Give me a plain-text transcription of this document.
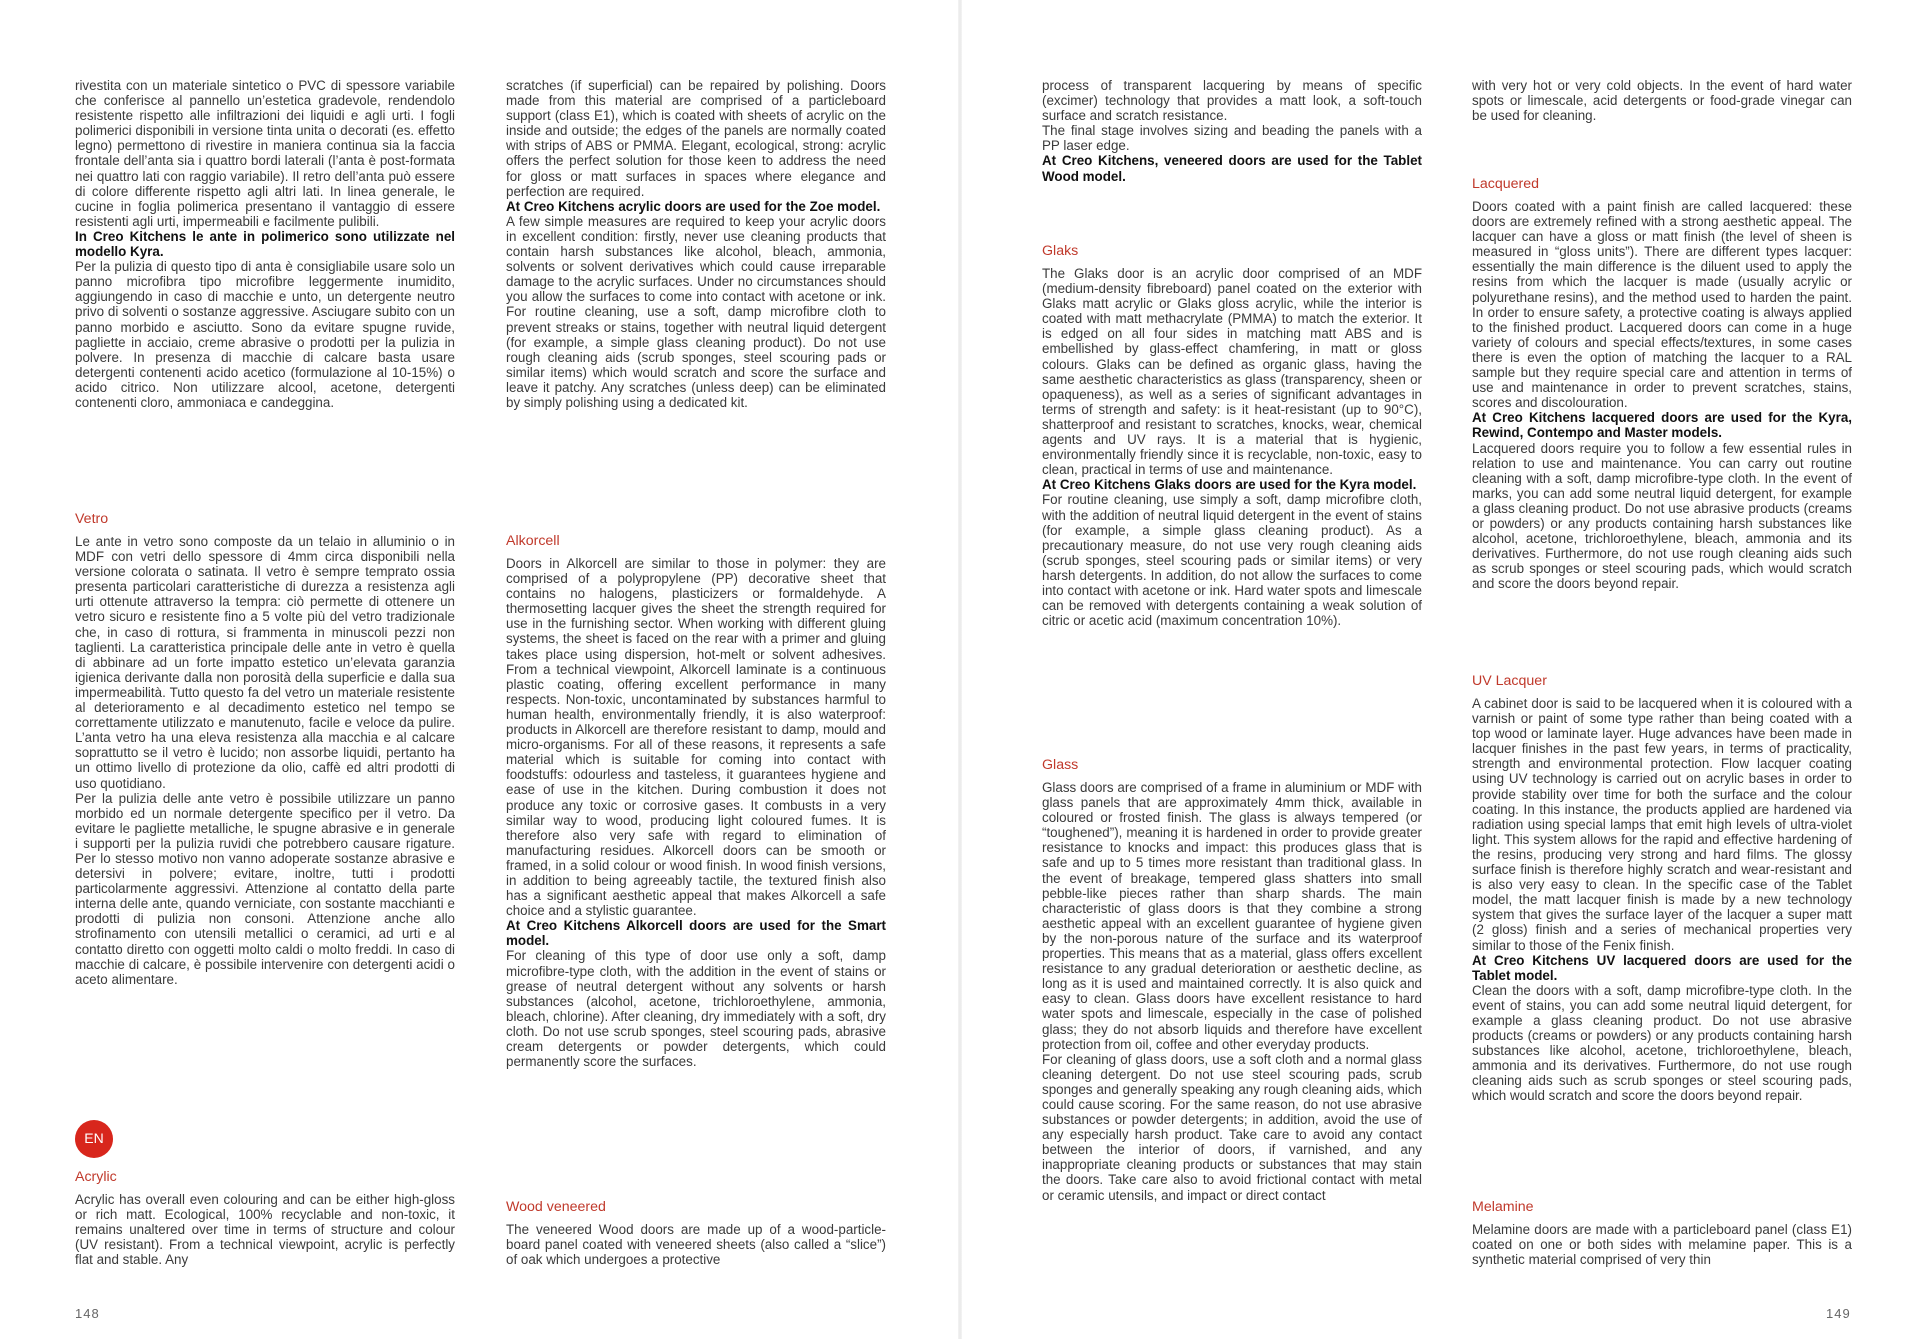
rivestita con un materiale sintetico o PVC di spessore variabile che conferisce al pannello un’estetica gradevole, rendendolo resistente rispetto alle infiltrazioni dei liquidi e agli urti. I fogli polimerici disponibili in versione tinta unita o decorati (es. effetto legno) permettono di rivestire in maniera continua sia la faccia frontale dell’anta sia i quattro bordi laterali (l’anta è post-formata nei quattro lati con raggio variabile). Il retro dell’anta può essere di colore differente rispetto agli altri lati. In linea generale, le cucine in foglia polimerica presentano il vantaggio di essere resistenti agli urti, impermeabili e facilmente pulibili.

In Creo Kitchens le ante in polimerico sono utilizzate nel modello Kyra.

Per la pulizia di questo tipo di anta è consigliabile usare solo un panno microfibra tipo microfibre leggermente inumidito, aggiungendo in caso di macchie e unto, un detergente neutro privo di solventi o sostanze aggressive. Asciugare subito con un panno morbido e asciutto. Sono da evitare spugne ruvide, pagliette in acciaio, creme abrasive o prodotti per la pulizia in polvere. In presenza di macchie di calcare basta usare detergenti contenenti acido acetico (formulazione al 10-15%) o acido citrico. Non utilizzare alcool, acetone, detergenti contenenti cloro, ammoniaca e candeggina.

Vetro

Le ante in vetro sono composte da un telaio in alluminio o in MDF con vetri dello spessore di 4mm circa disponibili nella versione colorata o satinata. Il vetro è sempre temprato ossia presenta particolari caratteristiche di durezza a resistenza agli urti ottenute attraverso la tempra: ciò permette di ottenere un vetro sicuro e resistente fino a 5 volte più del vetro tradizionale che, in caso di rottura, si frammenta in minuscoli pezzi non taglienti. La caratteristica principale delle ante in vetro è quella di abbinare ad un forte impatto estetico un’elevata garanzia igienica derivante dalla non porosità della superficie e dalla sua impermeabilità. Tutto questo fa del vetro un materiale resistente al deterioramento e al decadimento estetico nel tempo se correttamente utilizzato e manutenuto, facile e veloce da pulire. L’anta vetro ha una eleva resistenza alla macchia e al calcare soprattutto se il vetro è lucido; non assorbe liquidi, pertanto ha un ottimo livello di protezione da olio, caffè ed altri prodotti di uso quotidiano.

Per la pulizia delle ante vetro è possibile utilizzare un panno morbido ed un normale detergente specifico per il vetro. Da evitare le pagliette metalliche, le spugne abrasive e in generale i supporti per la pulizia ruvidi che potrebbero causare rigature. Per lo stesso motivo non vanno adoperate sostanze abrasive e detersivi in polvere; evitare, inoltre, tutti i prodotti particolarmente aggressivi. Attenzione al contatto della parte interna delle ante, quando verniciate, con sostante macchianti e prodotti di pulizia non consoni. Attenzione anche allo strofinamento con utensili metallici o ceramici, ad urti e al contatto diretto con oggetti molto caldi o molto freddi. In caso di macchie di calcare, è possibile intervenire con detergenti acidi o aceto alimentare.

EN
Acrylic

Acrylic has overall even colouring and can be either high-gloss or rich matt. Ecological, 100% recyclable and non-toxic, it remains unaltered over time in terms of structure and colour (UV resistant). From a technical viewpoint, acrylic is perfectly flat and stable. Any

scratches (if superficial) can be repaired by polishing. Doors made from this material are comprised of a particleboard support (class E1), which is coated with sheets of acrylic on the inside and outside; the edges of the panels are normally coated with strips of ABS or PMMA. Elegant, ecological, strong: acrylic offers the perfect solution for those keen to address the need for gloss or matt surfaces in spaces where elegance and perfection are required.

At Creo Kitchens acrylic doors are used for the Zoe model.

A few simple measures are required to keep your acrylic doors in excellent condition: firstly, never use cleaning products that contain harsh substances like alcohol, bleach, ammonia, solvents or solvent derivatives which could cause irreparable damage to the acrylic surfaces. Under no circumstances should you allow the surfaces to come into contact with acetone or ink. For routine cleaning, use a soft, damp microfibre cloth to prevent streaks or stains, together with neutral liquid detergent (for example, a simple glass cleaning product). Do not use rough cleaning aids (scrub sponges, steel scouring pads or similar items) which would scratch and score the surface and leave it patchy. Any scratches (unless deep) can be eliminated by simply polishing using a dedicated kit.

Alkorcell

Doors in Alkorcell are similar to those in polymer: they are comprised of a polypropylene (PP) decorative sheet that contains no halogens, plasticizers or formaldehyde. A thermosetting lacquer gives the sheet the strength required for use in the furnishing sector. When working with different gluing systems, the sheet is faced on the rear with a primer and gluing takes place using dispersion, hot-melt or solvent adhesives. From a technical viewpoint, Alkorcell laminate is a continuous plastic coating, offering excellent performance in many respects. Non-toxic, uncontaminated by substances harmful to human health, environmentally friendly, it is also waterproof: products in Alkorcell are therefore resistant to damp, mould and micro-organisms. For all of these reasons, it represents a safe material which is suitable for coming into contact with foodstuffs: odourless and tasteless, it guarantees hygiene and ease of use in the kitchen. During combustion it does not produce any toxic or corrosive gases. It combusts in a very similar way to wood, producing light coloured fumes. It is therefore also very safe with regard to elimination of manufacturing residues. Alkorcell doors can be smooth or framed, in a solid colour or wood finish. In wood finish versions, in addition to being agreeably tactile, the textured finish also has a significant aesthetic appeal that makes Alkorcell a safe choice and a stylistic guarantee.

At Creo Kitchens Alkorcell doors are used for the Smart model.

For cleaning of this type of door use only a soft, damp microfibre-type cloth, with the addition in the event of stains or grease of neutral detergent without any solvents or harsh substances (alcohol, acetone, trichloroethylene, ammonia, bleach, chlorine). After cleaning, dry immediately with a soft, dry cloth. Do not use scrub sponges, steel scouring pads, abrasive cream detergents or powder detergents, which could permanently score the surfaces.

Wood veneered

The veneered Wood doors are made up of a wood-particle-board panel coated with veneered sheets (also called a “slice”) of oak which undergoes a protective

148

process of transparent lacquering by means of specific (excimer) technology that provides a matt look, a soft-touch surface and scratch resistance.

The final stage involves sizing and beading the panels with a PP laser edge.

At Creo Kitchens, veneered doors are used for the Tablet Wood model.

Glaks

The Glaks door is an acrylic door comprised of an MDF (medium-density fibreboard) panel coated on the exterior with Glaks matt acrylic or Glaks gloss acrylic, while the interior is coated with matt methacrylate (PMMA) to match the exterior. It is edged on all four sides in matching matt ABS and is embellished by glass-effect chamfering, in matt or gloss colours. Glaks can be defined as organic glass, having the same aesthetic characteristics as glass (transparency, sheen or opaqueness), as well as a series of significant advantages in terms of strength and safety: is it heat-resistant (up to 90°C), shatterproof and resistant to scratches, knocks, wear, chemical agents and UV rays. It is a material that is hygienic, environmentally friendly since it is recyclable, non-toxic, easy to clean, practical in terms of use and maintenance.

At Creo Kitchens Glaks doors are used for the Kyra model.

For routine cleaning, use simply a soft, damp microfibre cloth, with the addition of neutral liquid detergent in the event of stains (for example, a simple glass cleaning product). As a precautionary measure, do not use very rough cleaning aids (scrub sponges, steel scouring pads or similar items) or very harsh detergents. In addition, do not allow the surfaces to come into contact with acetone or ink. Hard water spots and limescale can be removed with detergents containing a weak solution of citric or acetic acid (maximum concentration 10%).

Glass

Glass doors are comprised of a frame in aluminium or MDF with glass panels that are approximately 4mm thick, available in coloured or frosted finish. The glass is always tempered (or “toughened”), meaning it is hardened in order to provide greater resistance to knocks and impact: this produces glass that is safe and up to 5 times more resistant than traditional glass. In the event of breakage, tempered glass shatters into small pebble-like pieces rather than sharp shards. The main characteristic of glass doors is that they combine a strong aesthetic appeal with an excellent guarantee of hygiene given by the non-porous nature of the surface and its waterproof properties. This means that as a material, glass offers excellent resistance to any gradual deterioration or aesthetic decline, as long as it is used and maintained correctly. It is also quick and easy to clean. Glass doors have excellent resistance to hard water spots and limescale, especially in the case of polished glass; they do not absorb liquids and therefore have excellent protection from oil, coffee and other everyday products.

For cleaning of glass doors, use a soft cloth and a normal glass cleaning detergent. Do not use steel scouring pads, scrub sponges and generally speaking any rough cleaning aids, which could cause scoring. For the same reason, do not use abrasive substances or powder detergents; in addition, avoid the use of any especially harsh product. Take care to avoid any contact between the interior of doors, if varnished, and any inappropriate cleaning products or substances that may stain the doors. Take care also to avoid frictional contact with metal or ceramic utensils, and impact or direct contact

with very hot or very cold objects. In the event of hard water spots or limescale, acid detergents or food-grade vinegar can be used for cleaning.

Lacquered

Doors coated with a paint finish are called lacquered: these doors are extremely refined with a strong aesthetic appeal. The lacquer can have a gloss or matt finish (the level of sheen is measured in “gloss units”). There are different types lacquer: essentially the main difference is the diluent used to apply the resins from which the lacquer is made (usually acrylic or polyurethane resins), and the method used to harden the paint. In order to ensure safety, a protective coating is always applied to the finished product. Lacquered doors can come in a huge variety of colours and special effects/textures, in some cases there is even the option of matching the lacquer to a RAL sample but they require special care and attention in terms of use and maintenance in order to prevent scratches, stains, scores and discolouration.

At Creo Kitchens lacquered doors are used for the Kyra, Rewind, Contempo and Master models.

Lacquered doors require you to follow a few essential rules in relation to use and maintenance. You can carry out routine cleaning with a soft, damp microfibre-type cloth. In the event of marks, you can add some neutral liquid detergent, for example a glass cleaning product. Do not use abrasive products (creams or powders) or any products containing harsh substances like alcohol, acetone, trichloroethylene, bleach, ammonia and its derivatives. Furthermore, do not use rough cleaning aids such as scrub sponges or steel scouring pads, which would scratch and score the doors beyond repair.

UV Lacquer

A cabinet door is said to be lacquered when it is coloured with a varnish or paint of some type rather than being coated with a top wood or laminate layer. Huge advances have been made in lacquer finishes in the past few years, in terms of practicality, strength and environmental protection. Flow lacquer coating using UV technology is carried out on acrylic bases in order to provide stability over time for both the surface and the colour coating. In this instance, the products applied are hardened via radiation using special lamps that emit high levels of ultra-violet light. This system allows for the rapid and effective hardening of the resins, producing very strong and hard films. The glossy surface finish is therefore highly scratch and wear-resistant and is also very easy to clean. In the specific case of the Tablet model, the matt lacquer finish is made by a new technology system that gives the surface layer of the lacquer a super matt (2 gloss) finish and a series of mechanical properties very similar to those of the Fenix finish.

At Creo Kitchens UV lacquered doors are used for the Tablet model.

Clean the doors with a soft, damp microfibre-type cloth. In the event of stains, you can add some neutral liquid detergent, for example a glass cleaning product. Do not use abrasive products (creams or powders) or any products containing harsh substances like alcohol, acetone, trichloroethylene, bleach, ammonia and its derivatives. Furthermore, do not use rough cleaning aids such as scrub sponges or steel scouring pads, which would scratch and score the doors beyond repair.

Melamine

Melamine doors are made with a particleboard panel (class E1) coated on one or both sides with melamine paper. This is a synthetic material comprised of very thin

149
